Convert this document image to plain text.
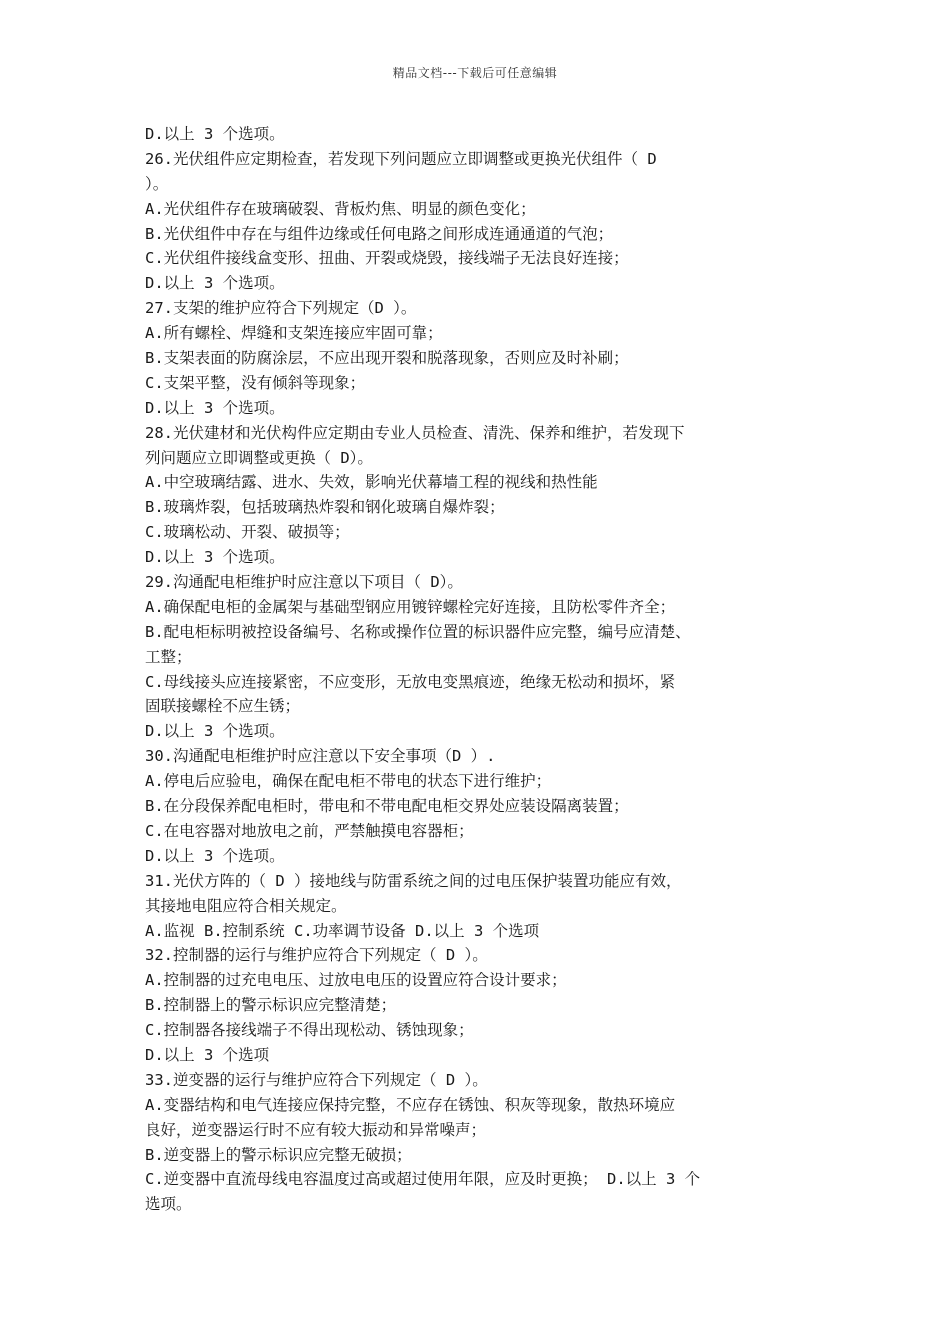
精品文档---下载后可任意编辑
D.以上 3 个选项。
26.光伏组件应定期检查，若发现下列问题应立即调整或更换光伏组件（ D
）。
A.光伏组件存在玻璃破裂、背板灼焦、明显的颜色变化；
B.光伏组件中存在与组件边缘或任何电路之间形成连通通道的气泡；
C.光伏组件接线盒变形、扭曲、开裂或烧毁，接线端子无法良好连接；
D.以上 3 个选项。
27.支架的维护应符合下列规定（D ）。
A.所有螺栓、焊缝和支架连接应牢固可靠；
B.支架表面的防腐涂层，不应出现开裂和脱落现象，否则应及时补刷；
C.支架平整，没有倾斜等现象；
D.以上 3 个选项。
28.光伏建材和光伏构件应定期由专业人员检查、清洗、保养和维护，若发现下
列问题应立即调整或更换（ D）。
A.中空玻璃结露、进水、失效，影响光伏幕墙工程的视线和热性能
B.玻璃炸裂，包括玻璃热炸裂和钢化玻璃自爆炸裂；
C.玻璃松动、开裂、破损等；
D.以上 3 个选项。
29.沟通配电柜维护时应注意以下项目（ D）。
A.确保配电柜的金属架与基础型钢应用镀锌螺栓完好连接，且防松零件齐全；
B.配电柜标明被控设备编号、名称或操作位置的标识器件应完整，编号应清楚、
工整；
C.母线接头应连接紧密，不应变形，无放电变黑痕迹，绝缘无松动和损坏，紧
固联接螺栓不应生锈；
D.以上 3 个选项。
30.沟通配电柜维护时应注意以下安全事项（D ）.
A.停电后应验电，确保在配电柜不带电的状态下进行维护；
B.在分段保养配电柜时，带电和不带电配电柜交界处应装设隔离装置；
C.在电容器对地放电之前，严禁触摸电容器柜；
D.以上 3 个选项。
31.光伏方阵的（ D ）接地线与防雷系统之间的过电压保护装置功能应有效，
其接地电阻应符合相关规定。
A.监视 B.控制系统 C.功率调节设备 D.以上 3 个选项
32.控制器的运行与维护应符合下列规定（ D ）。
A.控制器的过充电电压、过放电电压的设置应符合设计要求；
B.控制器上的警示标识应完整清楚；
C.控制器各接线端子不得出现松动、锈蚀现象；
D.以上 3 个选项
33.逆变器的运行与维护应符合下列规定（ D ）。
A.变器结构和电气连接应保持完整，不应存在锈蚀、积灰等现象，散热环境应
良好，逆变器运行时不应有较大振动和异常噪声；
B.逆变器上的警示标识应完整无破损；
C.逆变器中直流母线电容温度过高或超过使用年限，应及时更换； D.以上 3 个
选项。
